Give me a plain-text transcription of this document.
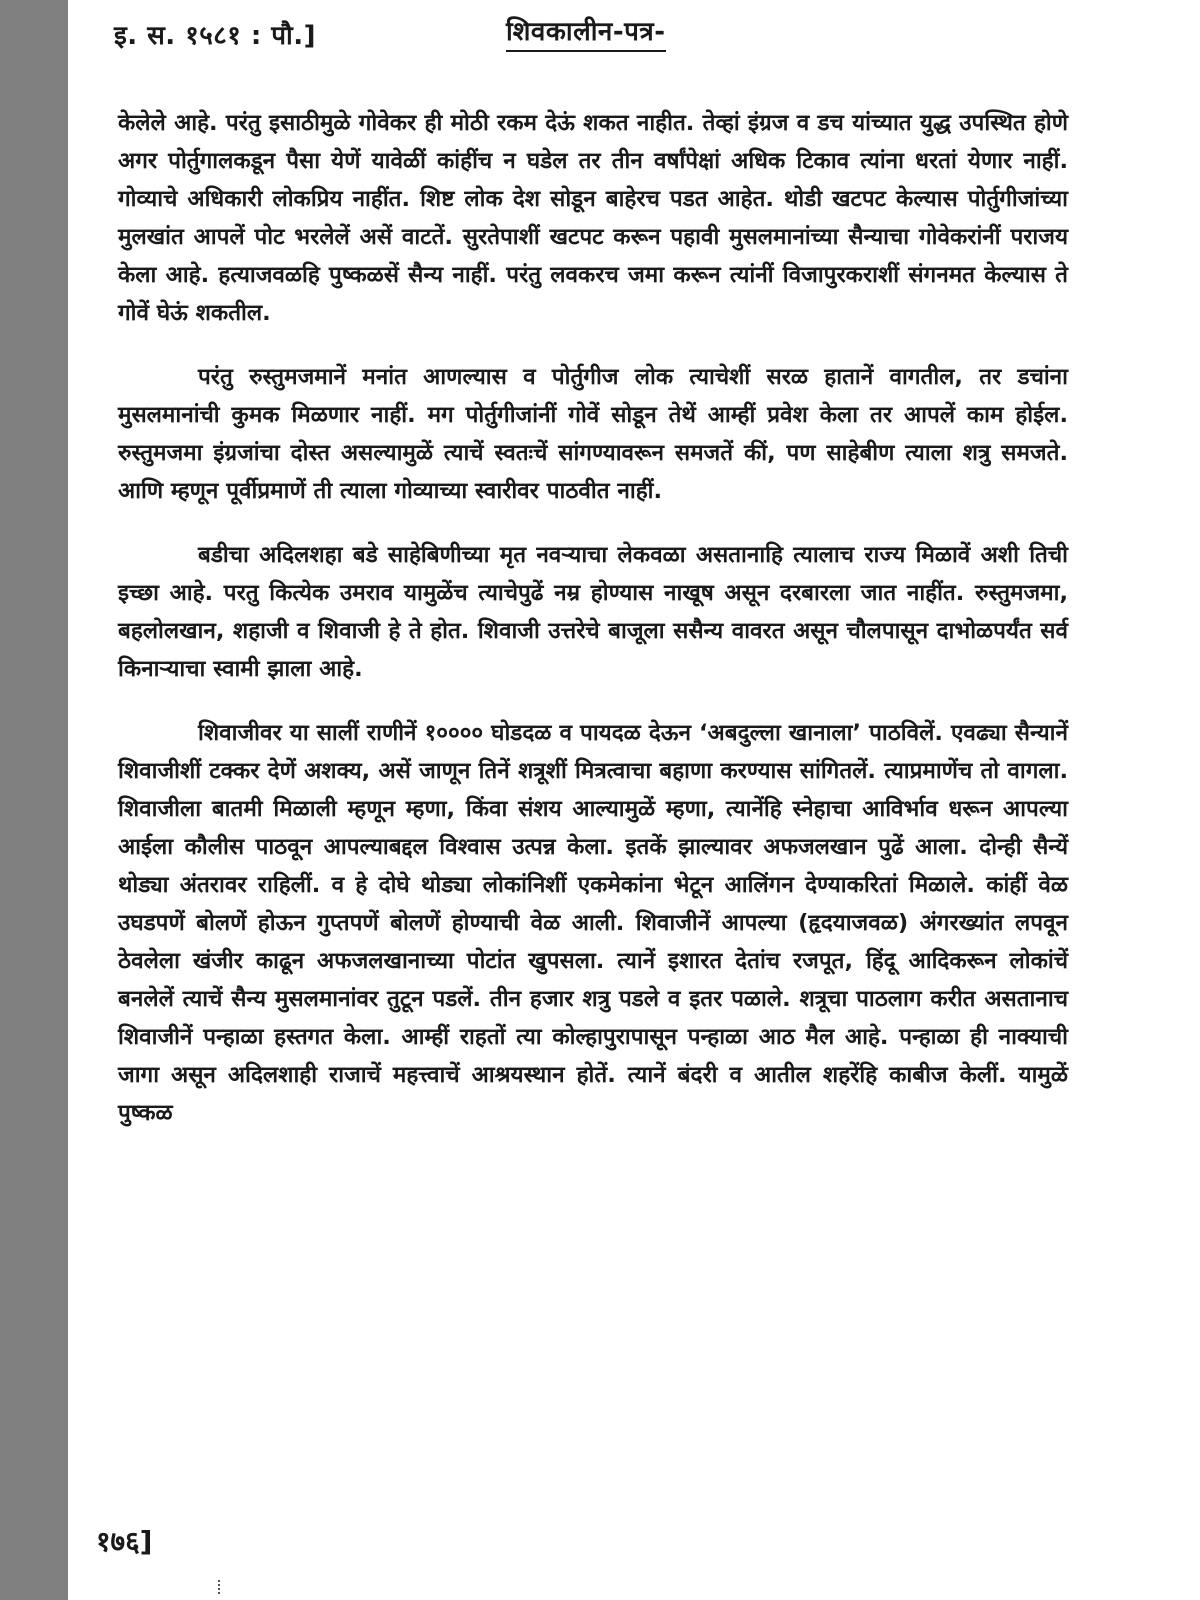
इ. स. १५८१ : पौ.]	शिवकालीन-पत्र-

केलेले आहे. परंतु इसाठीमुळे गोवेकर ही मोठी रकम देऊं शकत नाहीत. तेव्हां इंग्रज व डच यांच्यात युद्ध उपस्थित होणे अगर पोर्तुगालकडून पैसा येणें यावेळीं कांहींच न घडेल तर तीन वर्षांपेक्षां अधिक टिकाव त्यांना धरतां येणार नाहीं. गोव्याचे अधिकारी लोकप्रिय नाहींत. शिष्ट लोक देश सोडून बाहेरच पडत आहेत. थोडी खटपट केल्यास पोर्तुगीजांच्या मुलखांत आपलें पोट भरलेलें असें वाटतें. सुरतेपाशीं खटपट करून पहावी मुसलमानांच्या सैन्याचा गोवेकरांनीं पराजय केला आहे. हत्याजवळहि पुष्कळसें सैन्य नाहीं. परंतु लवकरच जमा करून त्यांनीं विजापुरकराशीं संगनमत केल्यास ते गोवें घेऊं शकतील.

परंतु रुस्तुमजमानें मनांत आणल्यास व पोर्तुगीज लोक त्याचेशीं सरळ हातानें वागतील, तर डचांना मुसलमानांची कुमक मिळणार नाहीं. मग पोर्तुगीजांनीं गोवें सोडून तेथें आम्हीं प्रवेश केला तर आपलें काम होईल. रुस्तुमजमा इंग्रजांचा दोस्त असल्यामुळें त्याचें स्वतःचें सांगण्यावरून समजतें कीं, पण साहेबीण त्याला शत्रु समजते. आणि म्हणून पूर्वीप्रमाणें ती त्याला गोव्याच्या स्वारीवर पाठवीत नाहीं.

बडीचा अदिलशहा बडे साहेबिणीच्या मृत नवऱ्याचा लेकवळा असतानाहि त्यालाच राज्य मिळावें अशी तिची इच्छा आहे. परतु कित्येक उमराव यामुळेंच त्याचेपुढें नम्र होण्यास नाखूष असून दरबारला जात नाहींत. रुस्तुमजमा, बहलोलखान, शहाजी व शिवाजी हे ते होत. शिवाजी उत्तरेचे बाजूला ससैन्य वावरत असून चौलपासून दाभोळपर्यंत सर्व किनाऱ्याचा स्वामी झाला आहे.

शिवाजीवर या सालीं राणीनें १०००० घोडदळ व पायदळ देऊन ‘अबदुल्ला खानाला’ पाठविलें. एवढ्या सैन्यानें शिवाजीशीं टक्कर देणें अशक्य, असें जाणून तिनें शत्रूशीं मित्रत्वाचा बहाणा करण्यास सांगितलें. त्याप्रमाणेंच तो वागला. शिवाजीला बातमी मिळाली म्हणून म्हणा, किंवा संशय आल्यामुळें म्हणा, त्यानेंहि स्नेहाचा आविर्भाव धरून आपल्या आईला कौलीस पाठवून आपल्याबद्दल विश्वास उत्पन्न केला. इतकें झाल्यावर अफजलखान पुढें आला. दोन्ही सैन्यें थोड्या अंतरावर राहिलीं. व हे दोघे थोड्या लोकांनिशीं एकमेकांना भेटून आलिंगन देण्याकरितां मिळाले. कांहीं वेळ उघडपणें बोलणें होऊन गुप्तपणें बोलणें होण्याची वेळ आली. शिवाजीनें आपल्या (हृदयाजवळ) अंगरख्यांत लपवून ठेवलेला खंजीर काढून अफजलखानाच्या पोटांत खुपसला. त्यानें इशारत देतांच रजपूत, हिंदू आदिकरून लोकांचें बनलेलें त्याचें सैन्य मुसलमानांवर तुटून पडलें. तीन हजार शत्रु पडले व इतर पळाले. शत्रूचा पाठलाग करीत असतानाच शिवाजीनें पन्हाळा हस्तगत केला. आम्हीं राहतों त्या कोल्हापुरापासून पन्हाळा आठ मैल आहे. पन्हाळा ही नाक्याची जागा असून अदिलशाही राजाचें महत्त्वाचें आश्रयस्थान होतें. त्यानें बंदरी व आतील शहरेंहि काबीज केलीं. यामुळें पुष्कळ

१७६]
